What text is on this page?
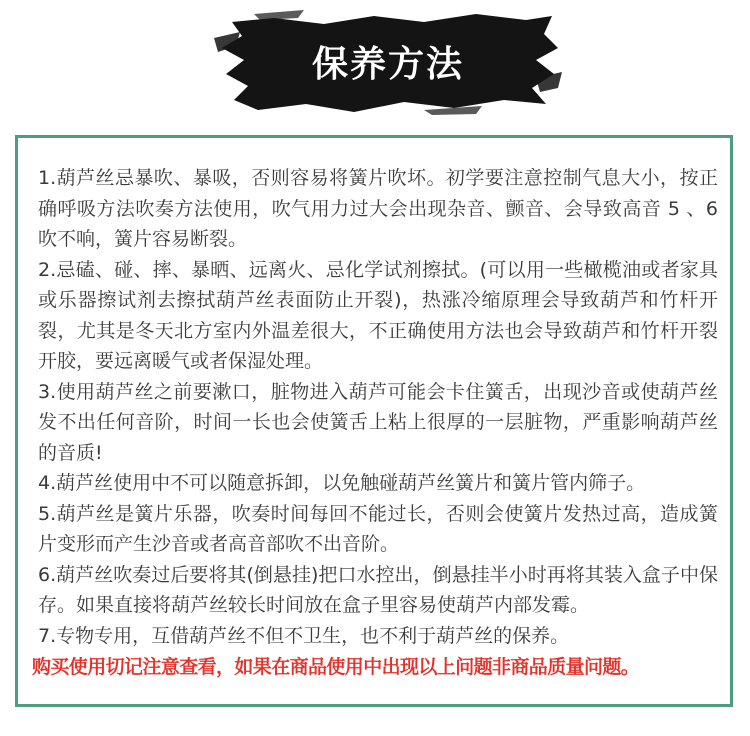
保养方法
1.葫芦丝忌暴吹、暴吸，否则容易将簧片吹坏。初学要注意控制气息大小，按正确呼吸方法吹奏方法使用，吹气用力过大会出现杂音、颤音、会导致高音 5 、6 吹不响，簧片容易断裂。
2.忌磕、碰、摔、暴晒、远离火、忌化学试剂擦拭。(可以用一些橄榄油或者家具或乐器擦试剂去擦拭葫芦丝表面防止开裂)，热涨冷缩原理会导致葫芦和竹杆开裂，尤其是冬天北方室内外温差很大，不正确使用方法也会导致葫芦和竹杆开裂开胶，要远离暖气或者保湿处理。
3.使用葫芦丝之前要漱口，脏物进入葫芦可能会卡住簧舌，出现沙音或使葫芦丝发不出任何音阶，时间一长也会使簧舌上粘上很厚的一层脏物，严重影响葫芦丝的音质!
4.葫芦丝使用中不可以随意拆卸，以免触碰葫芦丝簧片和簧片管内筛子。
5.葫芦丝是簧片乐器，吹奏时间每回不能过长，否则会使簧片发热过高，造成簧片变形而产生沙音或者高音部吹不出音阶。
6.葫芦丝吹奏过后要将其(倒悬挂)把口水控出，倒悬挂半小时再将其装入盒子中保存。如果直接将葫芦丝较长时间放在盒子里容易使葫芦内部发霉。
7.专物专用，互借葫芦丝不但不卫生，也不利于葫芦丝的保养。
购买使用切记注意查看，如果在商品使用中出现以上问题非商品质量问题。
